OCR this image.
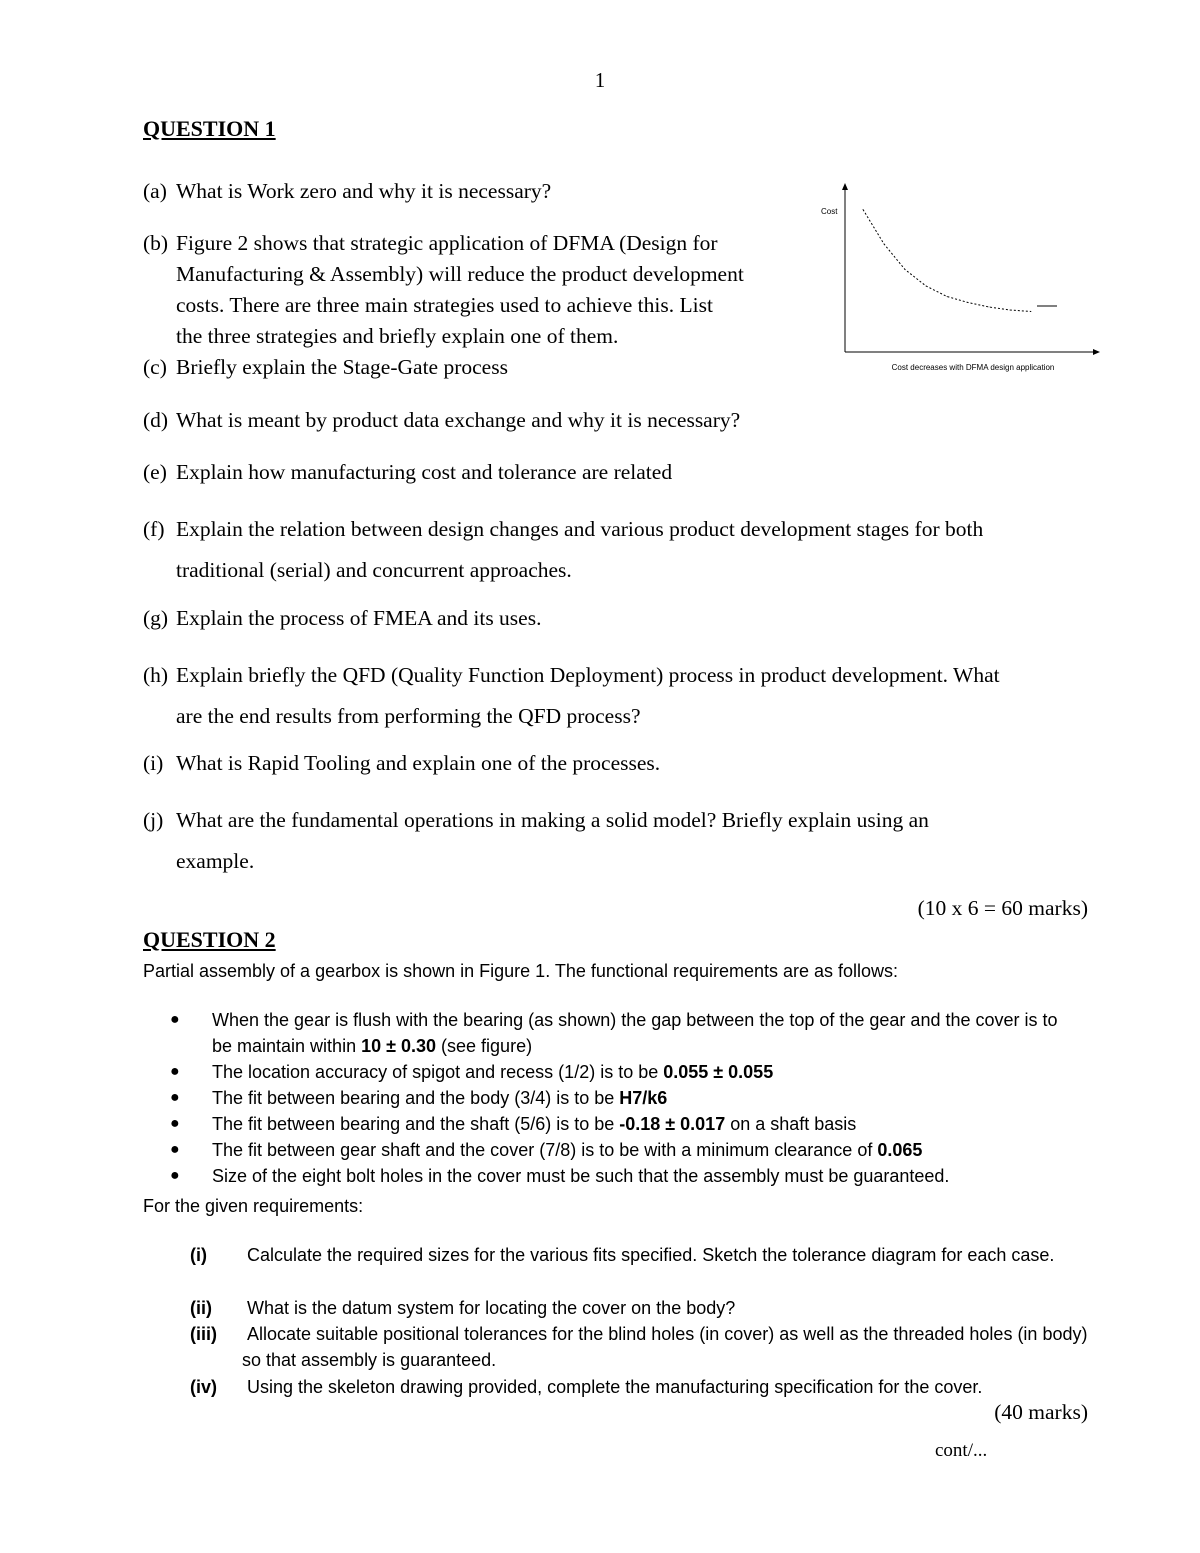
1
QUESTION 1
(a) What is Work zero and why it is necessary?
(b) Figure 2 shows that strategic application of DFMA (Design for
Manufacturing & Assembly) will reduce the product development
costs. There are three main strategies used to achieve this. List
the three strategies and briefly explain one of them.
(c) Briefly explain the Stage-Gate process
(d) What is meant by product data exchange and why it is necessary?
(e) Explain how manufacturing cost and tolerance are related
(f) Explain the relation between design changes and various product development stages for both
traditional (serial) and concurrent approaches.
(g) Explain the process of FMEA and its uses.
(h) Explain briefly the QFD (Quality Function Deployment) process in product development. What
are the end results from performing the QFD process?
(i) What is Rapid Tooling and explain one of the processes.
(j) What are the fundamental operations in making a solid model? Briefly explain using an
example.
(10 x 6 = 60 marks)
Cost
Cost decreases with DFMA design application
QUESTION 2
Partial assembly of a gearbox is shown in Figure 1. The functional requirements are as follows:
● When the gear is flush with the bearing (as shown) the gap between the top of the gear and the cover is to be maintain within 10 ± 0.30 (see figure)
● The location accuracy of spigot and recess (1/2) is to be 0.055 ± 0.055
● The fit between bearing and the body (3/4) is to be H7/k6
● The fit between bearing and the shaft (5/6) is to be -0.18 ± 0.017 on a shaft basis
● The fit between gear shaft and the cover (7/8) is to be with a minimum clearance of 0.065
● Size of the eight bolt holes in the cover must be such that the assembly must be guaranteed.
For the given requirements:
(i) Calculate the required sizes for the various fits specified. Sketch the tolerance diagram for each case.
(ii) What is the datum system for locating the cover on the body?
(iii) Allocate suitable positional tolerances for the blind holes (in cover) as well as the threaded holes (in body) so that assembly is guaranteed.
(iv) Using the skeleton drawing provided, complete the manufacturing specification for the cover.
(40 marks)
cont/...
